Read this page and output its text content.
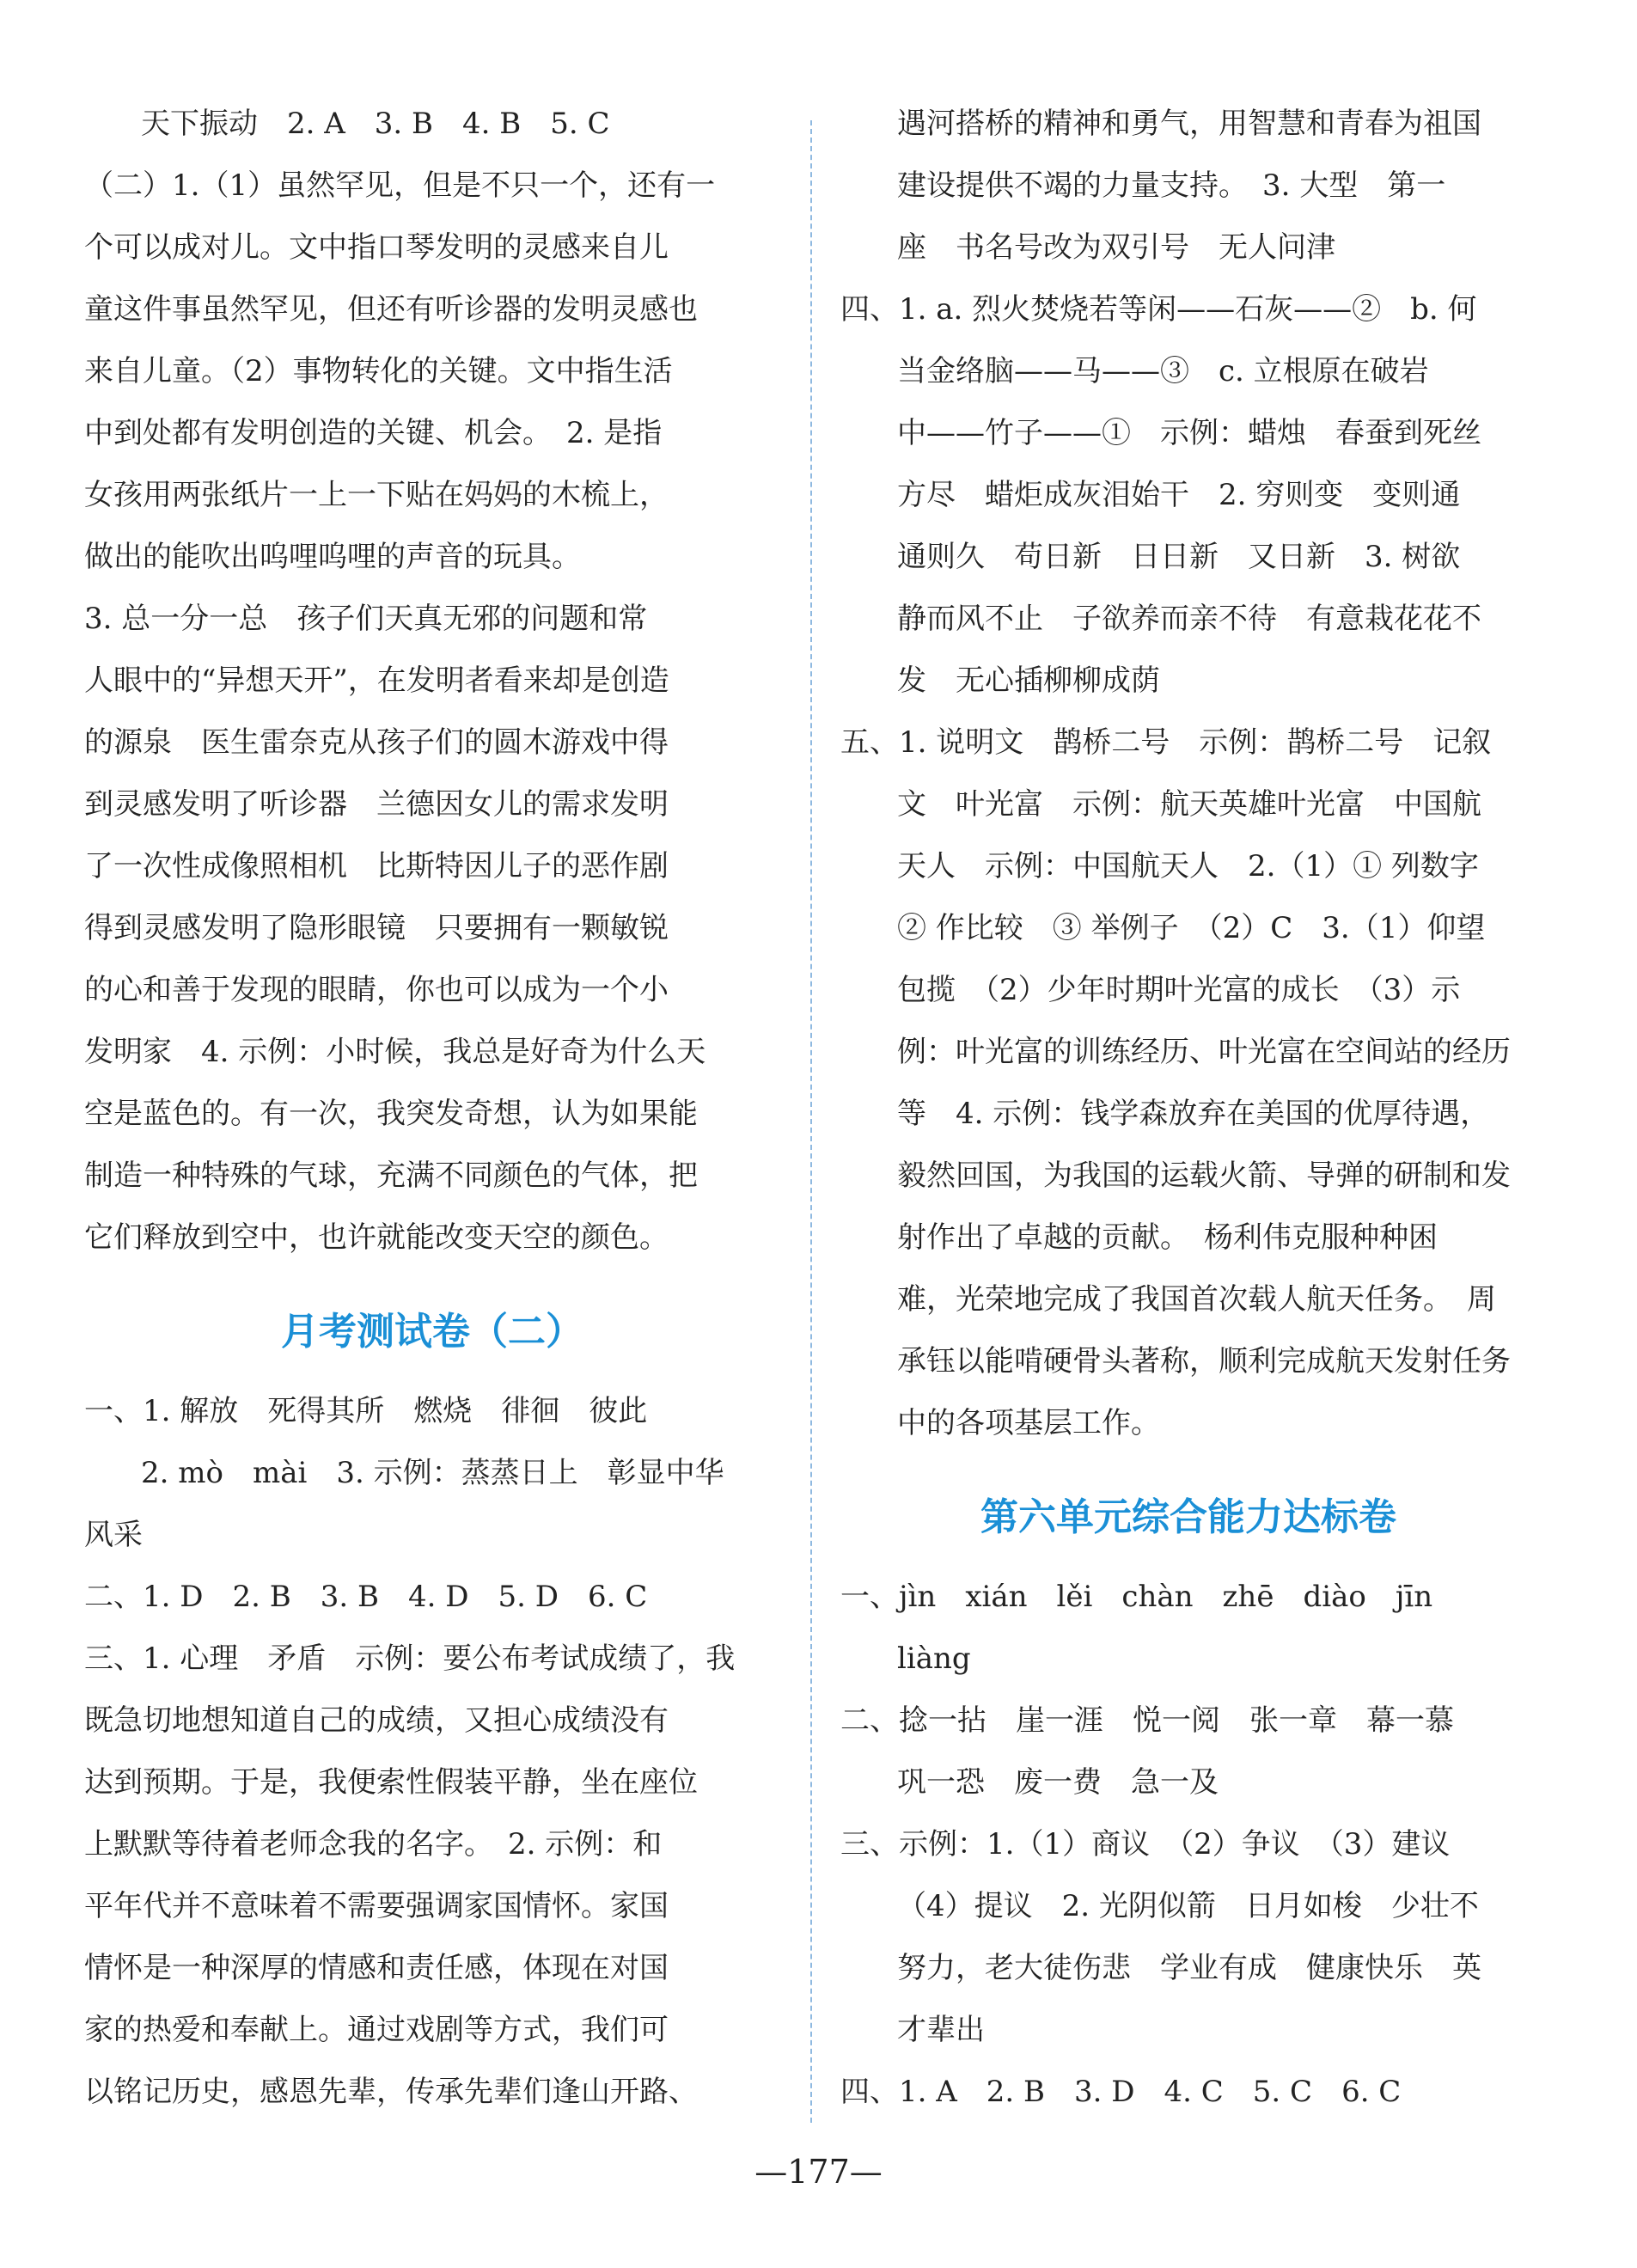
天下振动　2. A　3. B　4. B　5. C
（二）1.（1）虽然罕见，但是不只一个，还有一
个可以成对儿。文中指口琴发明的灵感来自儿
童这件事虽然罕见，但还有听诊器的发明灵感也
来自儿童。（2）事物转化的关键。文中指生活
中到处都有发明创造的关键、机会。　2. 是指
女孩用两张纸片一上一下贴在妈妈的木梳上，
做出的能吹出呜哩呜哩的声音的玩具。
3. 总一分一总　孩子们天真无邪的问题和常
人眼中的“异想天开”，在发明者看来却是创造
的源泉　医生雷奈克从孩子们的圆木游戏中得
到灵感发明了听诊器　兰德因女儿的需求发明
了一次性成像照相机　比斯特因儿子的恶作剧
得到灵感发明了隐形眼镜　只要拥有一颗敏锐
的心和善于发现的眼睛，你也可以成为一个小
发明家　4. 示例：小时候，我总是好奇为什么天
空是蓝色的。有一次，我突发奇想，认为如果能
制造一种特殊的气球，充满不同颜色的气体，把
它们释放到空中，也许就能改变天空的颜色。
月考测试卷（二）
一、1. 解放　死得其所　燃烧　徘徊　彼此
2. mò　mài　3. 示例：蒸蒸日上　彰显中华
风采
二、1. D　2. B　3. B　4. D　5. D　6. C
三、1. 心理　矛盾　示例：要公布考试成绩了，我
既急切地想知道自己的成绩，又担心成绩没有
达到预期。于是，我便索性假装平静，坐在座位
上默默等待着老师念我的名字。　2. 示例：和
平年代并不意味着不需要强调家国情怀。家国
情怀是一种深厚的情感和责任感，体现在对国
家的热爱和奉献上。通过戏剧等方式，我们可
以铭记历史，感恩先辈，传承先辈们逢山开路、
遇河搭桥的精神和勇气，用智慧和青春为祖国
建设提供不竭的力量支持。　3. 大型　第一
座　书名号改为双引号　无人问津
四、1. a. 烈火焚烧若等闲——石灰——②　b. 何
当金络脑——马——③　c. 立根原在破岩
中——竹子——①　示例：蜡烛　春蚕到死丝
方尽　蜡炬成灰泪始干　2. 穷则变　变则通
通则久　苟日新　日日新　又日新　3. 树欲
静而风不止　子欲养而亲不待　有意栽花花不
发　无心插柳柳成荫
五、1. 说明文　鹊桥二号　示例：鹊桥二号　记叙
文　叶光富　示例：航天英雄叶光富　中国航
天人　示例：中国航天人　2.（1）① 列数字
② 作比较　③ 举例子　（2）C　3.（1）仰望
包揽　（2）少年时期叶光富的成长　（3）示
例：叶光富的训练经历、叶光富在空间站的经历
等　4. 示例：钱学森放弃在美国的优厚待遇，
毅然回国，为我国的运载火箭、导弹的研制和发
射作出了卓越的贡献。　杨利伟克服种种困
难，光荣地完成了我国首次载人航天任务。　周
承钰以能啃硬骨头著称，顺利完成航天发射任务
中的各项基层工作。
第六单元综合能力达标卷
一、jìn　xián　lěi　chàn　zhē　diào　jīn
liàng
二、捻一拈　崖一涯　悦一阅　张一章　幕一慕
巩一恐　废一费　急一及
三、示例：1.（1）商议　（2）争议　（3）建议
（4）提议　2. 光阴似箭　日月如梭　少壮不
努力，老大徒伤悲　学业有成　健康快乐　英
才辈出
四、1. A　2. B　3. D　4. C　5. C　6. C
—177—
